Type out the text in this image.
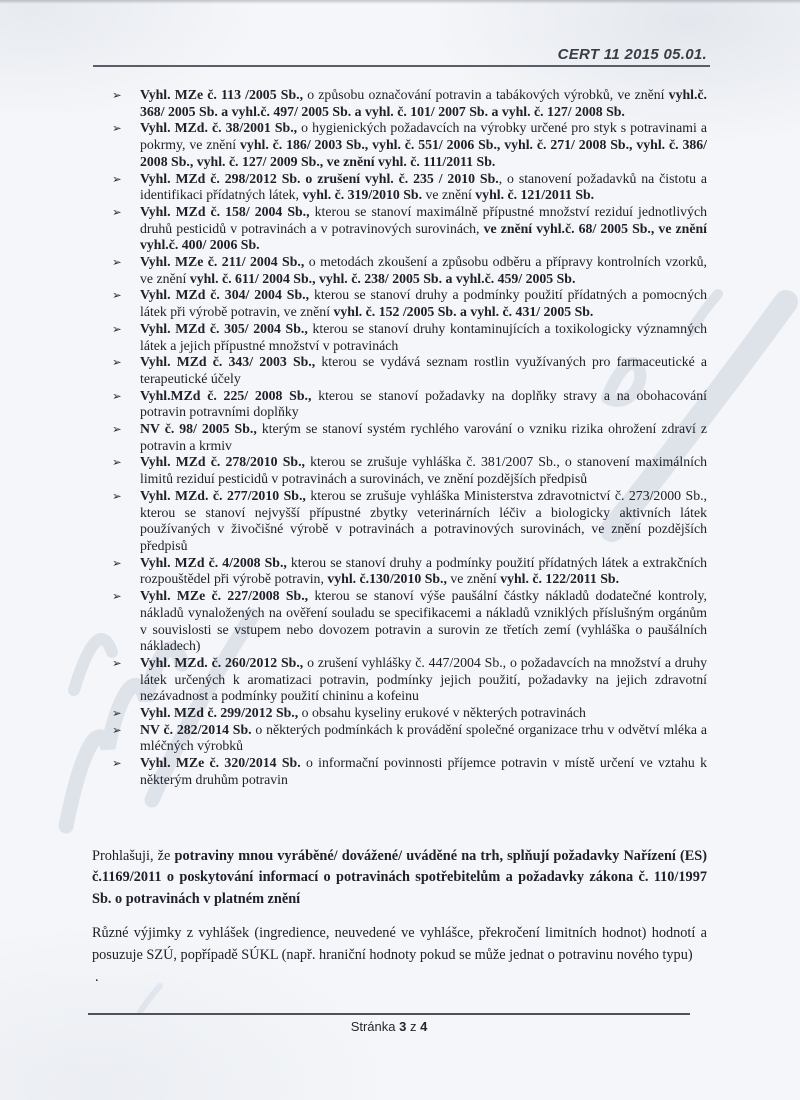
CERT 11 2015 05.01.
➢	Vyhl. MZe č. 113 /2005 Sb., o způsobu označování potravin a tabákových výrobků, ve znění vyhl.č. 368/ 2005 Sb. a vyhl.č. 497/ 2005 Sb. a vyhl. č. 101/ 2007 Sb. a vyhl. č. 127/ 2008 Sb.
➢	Vyhl. MZd. č. 38/2001 Sb., o hygienických požadavcích na výrobky určené pro styk s potravinami a pokrmy, ve znění vyhl. č. 186/ 2003 Sb., vyhl. č. 551/ 2006 Sb., vyhl. č. 271/ 2008 Sb., vyhl. č. 386/ 2008 Sb., vyhl. č. 127/ 2009 Sb., ve znění vyhl. č. 111/2011 Sb.
➢	Vyhl. MZd č. 298/2012 Sb. o zrušení vyhl. č. 235 / 2010 Sb., o stanovení požadavků na čistotu a identifikaci přídatných látek, vyhl. č. 319/2010 Sb. ve znění vyhl. č. 121/2011 Sb.
➢	Vyhl. MZd č. 158/ 2004 Sb., kterou se stanoví maximálně přípustné množství reziduí jednotlivých druhů pesticidů v potravinách a v potravinových surovinách, ve znění vyhl.č. 68/ 2005 Sb., ve znění vyhl.č. 400/ 2006 Sb.
➢	Vyhl. MZe č. 211/ 2004 Sb., o metodách zkoušení a způsobu odběru a přípravy kontrolních vzorků, ve znění vyhl. č. 611/ 2004 Sb., vyhl. č. 238/ 2005 Sb. a vyhl.č. 459/ 2005 Sb.
➢	Vyhl. MZd č. 304/ 2004 Sb., kterou se stanoví druhy a podmínky použití přídatných a pomocných látek při výrobě potravin, ve znění vyhl. č. 152 /2005 Sb. a vyhl. č. 431/ 2005 Sb.
➢	Vyhl. MZd č. 305/ 2004 Sb., kterou se stanoví druhy kontaminujících a toxikologicky významných látek a jejich přípustné množství v potravinách
➢	Vyhl. MZd č. 343/ 2003 Sb., kterou se vydává seznam rostlin využívaných pro farmaceutické a terapeutické účely
➢	Vyhl.MZd č. 225/ 2008 Sb., kterou se stanoví požadavky na doplňky stravy a na obohacování potravin potravními doplňky
➢	NV č. 98/ 2005 Sb., kterým se stanoví systém rychlého varování o vzniku rizika ohrožení zdraví z potravin a krmiv
➢	Vyhl. MZd č. 278/2010 Sb., kterou se zrušuje vyhláška č. 381/2007 Sb., o stanovení maximálních limitů reziduí pesticidů v potravinách a surovinách, ve znění pozdějších předpisů
➢	Vyhl. MZd. č. 277/2010 Sb., kterou se zrušuje vyhláška Ministerstva zdravotnictví č. 273/2000 Sb., kterou se stanoví nejvyšší přípustné zbytky veterinárních léčiv a biologicky aktivních látek používaných v živočišné výrobě v potravinách a potravinových surovinách, ve znění pozdějších předpisů
➢	Vyhl. MZd č. 4/2008 Sb., kterou se stanoví druhy a podmínky použití přídatných látek a extrakčních rozpouštědel při výrobě potravin, vyhl. č.130/2010 Sb., ve znění vyhl. č. 122/2011 Sb.
➢	Vyhl. MZe č. 227/2008 Sb., kterou se stanoví výše paušální částky nákladů dodatečné kontroly, nákladů vynaložených na ověření souladu se specifikacemi a nákladů vzniklých příslušným orgánům v souvislosti se vstupem nebo dovozem potravin a surovin ze třetích zemí (vyhláška o paušálních nákladech)
➢	Vyhl. MZd. č. 260/2012 Sb., o zrušení vyhlášky č. 447/2004 Sb., o požadavcích na množství a druhy látek určených k aromatizaci potravin, podmínky jejich použití, požadavky na jejich zdravotní nezávadnost a podmínky použití chininu a kofeinu
➢	Vyhl. MZd č. 299/2012 Sb., o obsahu kyseliny erukové v některých potravinách
➢	NV č. 282/2014 Sb. o některých podmínkách k provádění společné organizace trhu v odvětví mléka a mléčných výrobků
➢	Vyhl. MZe č. 320/2014 Sb. o informační povinnosti příjemce potravin v místě určení ve vztahu k některým druhům potravin

Prohlašuji, že potraviny mnou vyráběné/ dovážené/ uváděné na trh, splňují požadavky Nařízení (ES) č.1169/2011 o poskytování informací o potravinách spotřebitelům a požadavky zákona č. 110/1997 Sb. o potravinách v platném znění

Různé výjimky z vyhlášek (ingredience, neuvedené ve vyhlášce, překročení limitních hodnot) hodnotí a posuzuje SZÚ, popřípadě SÚKL (např. hraniční hodnoty pokud se může jednat o potravinu nového typu)

.

Stránka 3 z 4
